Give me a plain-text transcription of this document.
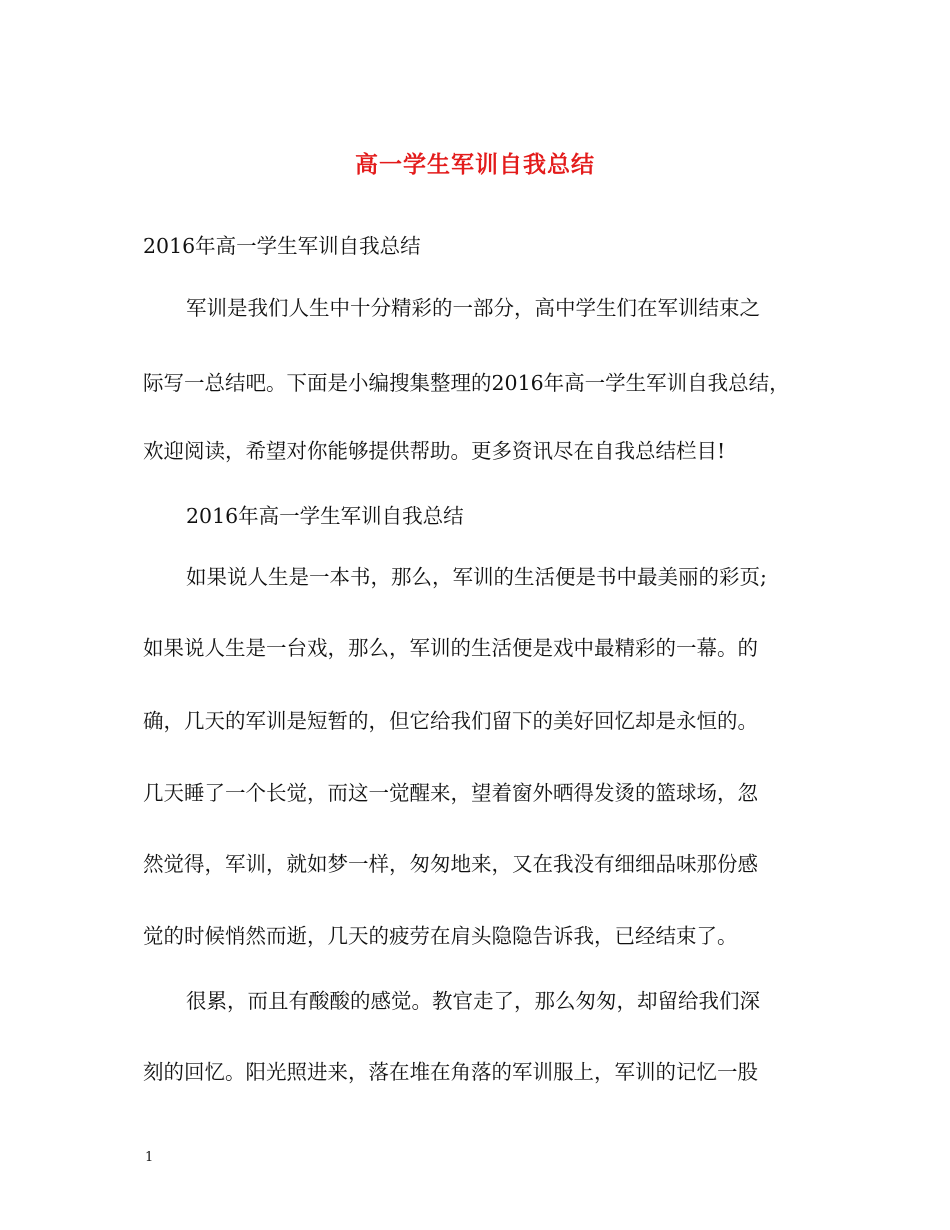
高一学生军训自我总结
2016年高一学生军训自我总结
军训是我们人生中十分精彩的一部分，高中学生们在军训结束之
际写一总结吧。下面是小编搜集整理的2016年高一学生军训自我总结，
欢迎阅读，希望对你能够提供帮助。更多资讯尽在自我总结栏目!
2016年高一学生军训自我总结
如果说人生是一本书，那么，军训的生活便是书中最美丽的彩页;
如果说人生是一台戏，那么，军训的生活便是戏中最精彩的一幕。的
确，几天的军训是短暂的，但它给我们留下的美好回忆却是永恒的。
几天睡了一个长觉，而这一觉醒来，望着窗外晒得发烫的篮球场，忽
然觉得，军训，就如梦一样，匆匆地来，又在我没有细细品味那份感
觉的时候悄然而逝，几天的疲劳在肩头隐隐告诉我，已经结束了。
很累，而且有酸酸的感觉。教官走了，那么匆匆，却留给我们深
刻的回忆。阳光照进来，落在堆在角落的军训服上，军训的记忆一股
1
